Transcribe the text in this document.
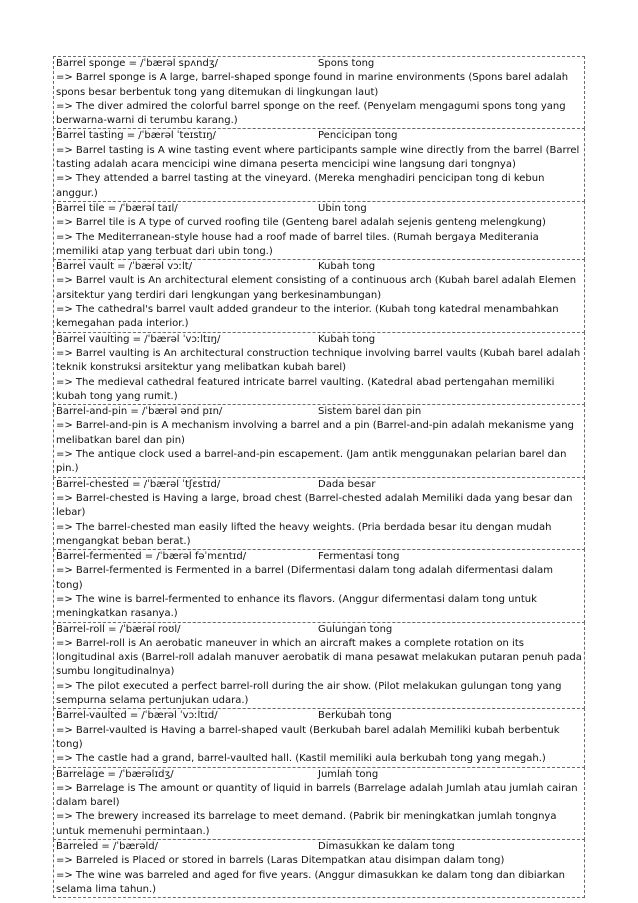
Barrel sponge = /ˈbærəl spʌndʒ/	Spons tong
=> Barrel sponge is A large, barrel-shaped sponge found in marine environments (Spons barel adalah spons besar berbentuk tong yang ditemukan di lingkungan laut)
=> The diver admired the colorful barrel sponge on the reef. (Penyelam mengagumi spons tong yang berwarna-warni di terumbu karang.)
Barrel tasting = /ˈbærəl ˈteɪstɪŋ/	Pencicipan tong
=> Barrel tasting is A wine tasting event where participants sample wine directly from the barrel (Barrel tasting adalah acara mencicipi wine dimana peserta mencicipi wine langsung dari tongnya)
=> They attended a barrel tasting at the vineyard. (Mereka menghadiri pencicipan tong di kebun anggur.)
Barrel tile = /ˈbærəl taɪl/	Ubin tong
=> Barrel tile is A type of curved roofing tile (Genteng barel adalah sejenis genteng melengkung)
=> The Mediterranean-style house had a roof made of barrel tiles. (Rumah bergaya Mediterania memiliki atap yang terbuat dari ubin tong.)
Barrel vault = /ˈbærəl vɔːlt/	Kubah tong
=> Barrel vault is An architectural element consisting of a continuous arch (Kubah barel adalah Elemen arsitektur yang terdiri dari lengkungan yang berkesinambungan)
=> The cathedral's barrel vault added grandeur to the interior. (Kubah tong katedral menambahkan kemegahan pada interior.)
Barrel vaulting = /ˈbærəl ˈvɔːltɪŋ/	Kubah tong
=> Barrel vaulting is An architectural construction technique involving barrel vaults (Kubah barel adalah teknik konstruksi arsitektur yang melibatkan kubah barel)
=> The medieval cathedral featured intricate barrel vaulting. (Katedral abad pertengahan memiliki kubah tong yang rumit.)
Barrel-and-pin = /ˈbærəl ənd pɪn/	Sistem barel dan pin
=> Barrel-and-pin is A mechanism involving a barrel and a pin (Barrel-and-pin adalah mekanisme yang melibatkan barel dan pin)
=> The antique clock used a barrel-and-pin escapement. (Jam antik menggunakan pelarian barel dan pin.)
Barrel-chested = /ˈbærəl ˈtʃɛstɪd/	Dada besar
=> Barrel-chested is Having a large, broad chest (Barrel-chested adalah Memiliki dada yang besar dan lebar)
=> The barrel-chested man easily lifted the heavy weights. (Pria berdada besar itu dengan mudah mengangkat beban berat.)
Barrel-fermented = /ˈbærəl fəˈmɛntɪd/	Fermentasi tong
=> Barrel-fermented is Fermented in a barrel (Difermentasi dalam tong adalah difermentasi dalam tong)
=> The wine is barrel-fermented to enhance its flavors. (Anggur difermentasi dalam tong untuk meningkatkan rasanya.)
Barrel-roll = /ˈbærəl roʊl/	Gulungan tong
=> Barrel-roll is An aerobatic maneuver in which an aircraft makes a complete rotation on its longitudinal axis (Barrel-roll adalah manuver aerobatik di mana pesawat melakukan putaran penuh pada sumbu longitudinalnya)
=> The pilot executed a perfect barrel-roll during the air show. (Pilot melakukan gulungan tong yang sempurna selama pertunjukan udara.)
Barrel-vaulted = /ˈbærəl ˈvɔːltɪd/	Berkubah tong
=> Barrel-vaulted is Having a barrel-shaped vault (Berkubah barel adalah Memiliki kubah berbentuk tong)
=> The castle had a grand, barrel-vaulted hall. (Kastil memiliki aula berkubah tong yang megah.)
Barrelage = /ˈbærəlɪdʒ/	Jumlah tong
=> Barrelage is The amount or quantity of liquid in barrels (Barrelage adalah Jumlah atau jumlah cairan dalam barel)
=> The brewery increased its barrelage to meet demand. (Pabrik bir meningkatkan jumlah tongnya untuk memenuhi permintaan.)
Barreled = /ˈbærəld/	Dimasukkan ke dalam tong
=> Barreled is Placed or stored in barrels (Laras Ditempatkan atau disimpan dalam tong)
=> The wine was barreled and aged for five years. (Anggur dimasukkan ke dalam tong dan dibiarkan selama lima tahun.)
